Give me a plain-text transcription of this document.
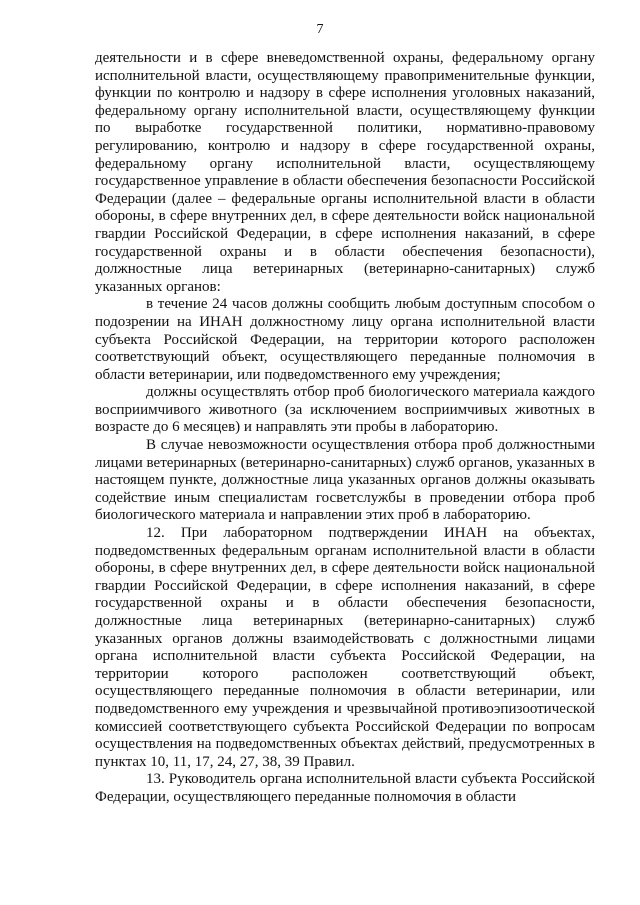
7

деятельности и в сфере вневедомственной охраны, федеральному органу исполнительной власти, осуществляющему правоприменительные функции, функции по контролю и надзору в сфере исполнения уголовных наказаний, федеральному органу исполнительной власти, осуществляющему функции по выработке государственной политики, нормативно-правовому регулированию, контролю и надзору в сфере государственной охраны, федеральному органу исполнительной власти, осуществляющему государственное управление в области обеспечения безопасности Российской Федерации (далее – федеральные органы исполнительной власти в области обороны, в сфере внутренних дел, в сфере деятельности войск национальной гвардии Российской Федерации, в сфере исполнения наказаний, в сфере государственной охраны и в области обеспечения безопасности), должностные лица ветеринарных (ветеринарно-санитарных) служб указанных органов:

в течение 24 часов должны сообщить любым доступным способом о подозрении на ИНАН должностному лицу органа исполнительной власти субъекта Российской Федерации, на территории которого расположен соответствующий объект, осуществляющего переданные полномочия в области ветеринарии, или подведомственного ему учреждения;

должны осуществлять отбор проб биологического материала каждого восприимчивого животного (за исключением восприимчивых животных в возрасте до 6 месяцев) и направлять эти пробы в лабораторию.

В случае невозможности осуществления отбора проб должностными лицами ветеринарных (ветеринарно-санитарных) служб органов, указанных в настоящем пункте, должностные лица указанных органов должны оказывать содействие иным специалистам госветслужбы в проведении отбора проб биологического материала и направлении этих проб в лабораторию.

12. При лабораторном подтверждении ИНАН на объектах, подведомственных федеральным органам исполнительной власти в области обороны, в сфере внутренних дел, в сфере деятельности войск национальной гвардии Российской Федерации, в сфере исполнения наказаний, в сфере государственной охраны и в области обеспечения безопасности, должностные лица ветеринарных (ветеринарно-санитарных) служб указанных органов должны взаимодействовать с должностными лицами органа исполнительной власти субъекта Российской Федерации, на территории которого расположен соответствующий объект, осуществляющего переданные полномочия в области ветеринарии, или подведомственного ему учреждения и чрезвычайной противоэпизоотической комиссией соответствующего субъекта Российской Федерации по вопросам осуществления на подведомственных объектах действий, предусмотренных в пунктах 10, 11, 17, 24, 27, 38, 39 Правил.

13. Руководитель органа исполнительной власти субъекта Российской Федерации, осуществляющего переданные полномочия в области
